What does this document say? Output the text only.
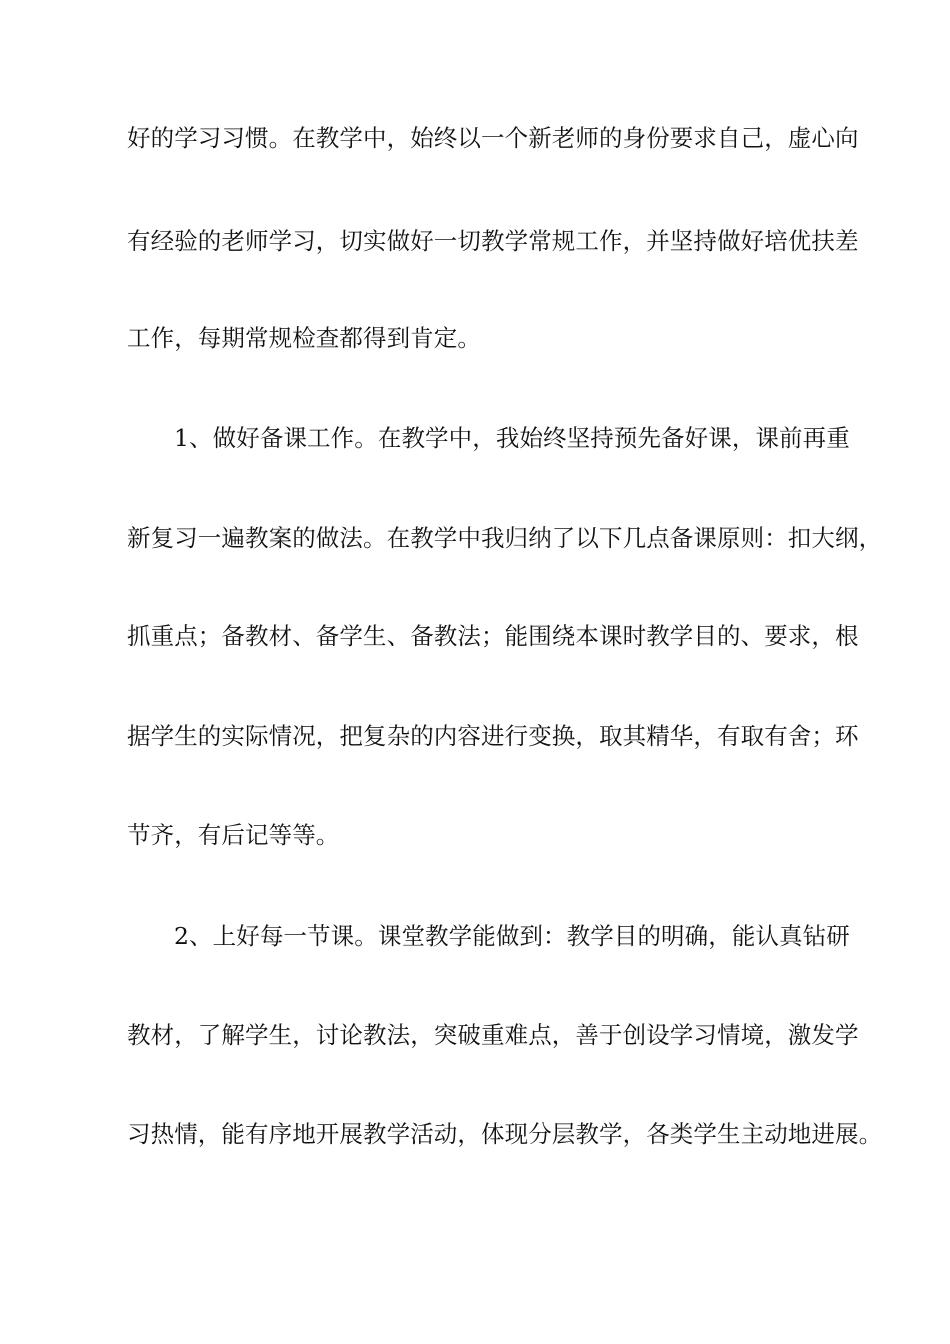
好的学习习惯。在教学中，始终以一个新老师的身份要求自己，虚心向
有经验的老师学习，切实做好一切教学常规工作，并坚持做好培优扶差
工作，每期常规检查都得到肯定。
1、做好备课工作。在教学中，我始终坚持预先备好课，课前再重
新复习一遍教案的做法。在教学中我归纳了以下几点备课原则：扣大纲，
抓重点；备教材、备学生、备教法；能围绕本课时教学目的、要求，根
据学生的实际情况，把复杂的内容进行变换，取其精华，有取有舍；环
节齐，有后记等等。
2、上好每一节课。课堂教学能做到：教学目的明确，能认真钻研
教材，了解学生，讨论教法，突破重难点，善于创设学习情境，激发学
习热情，能有序地开展教学活动，体现分层教学，各类学生主动地进展。
